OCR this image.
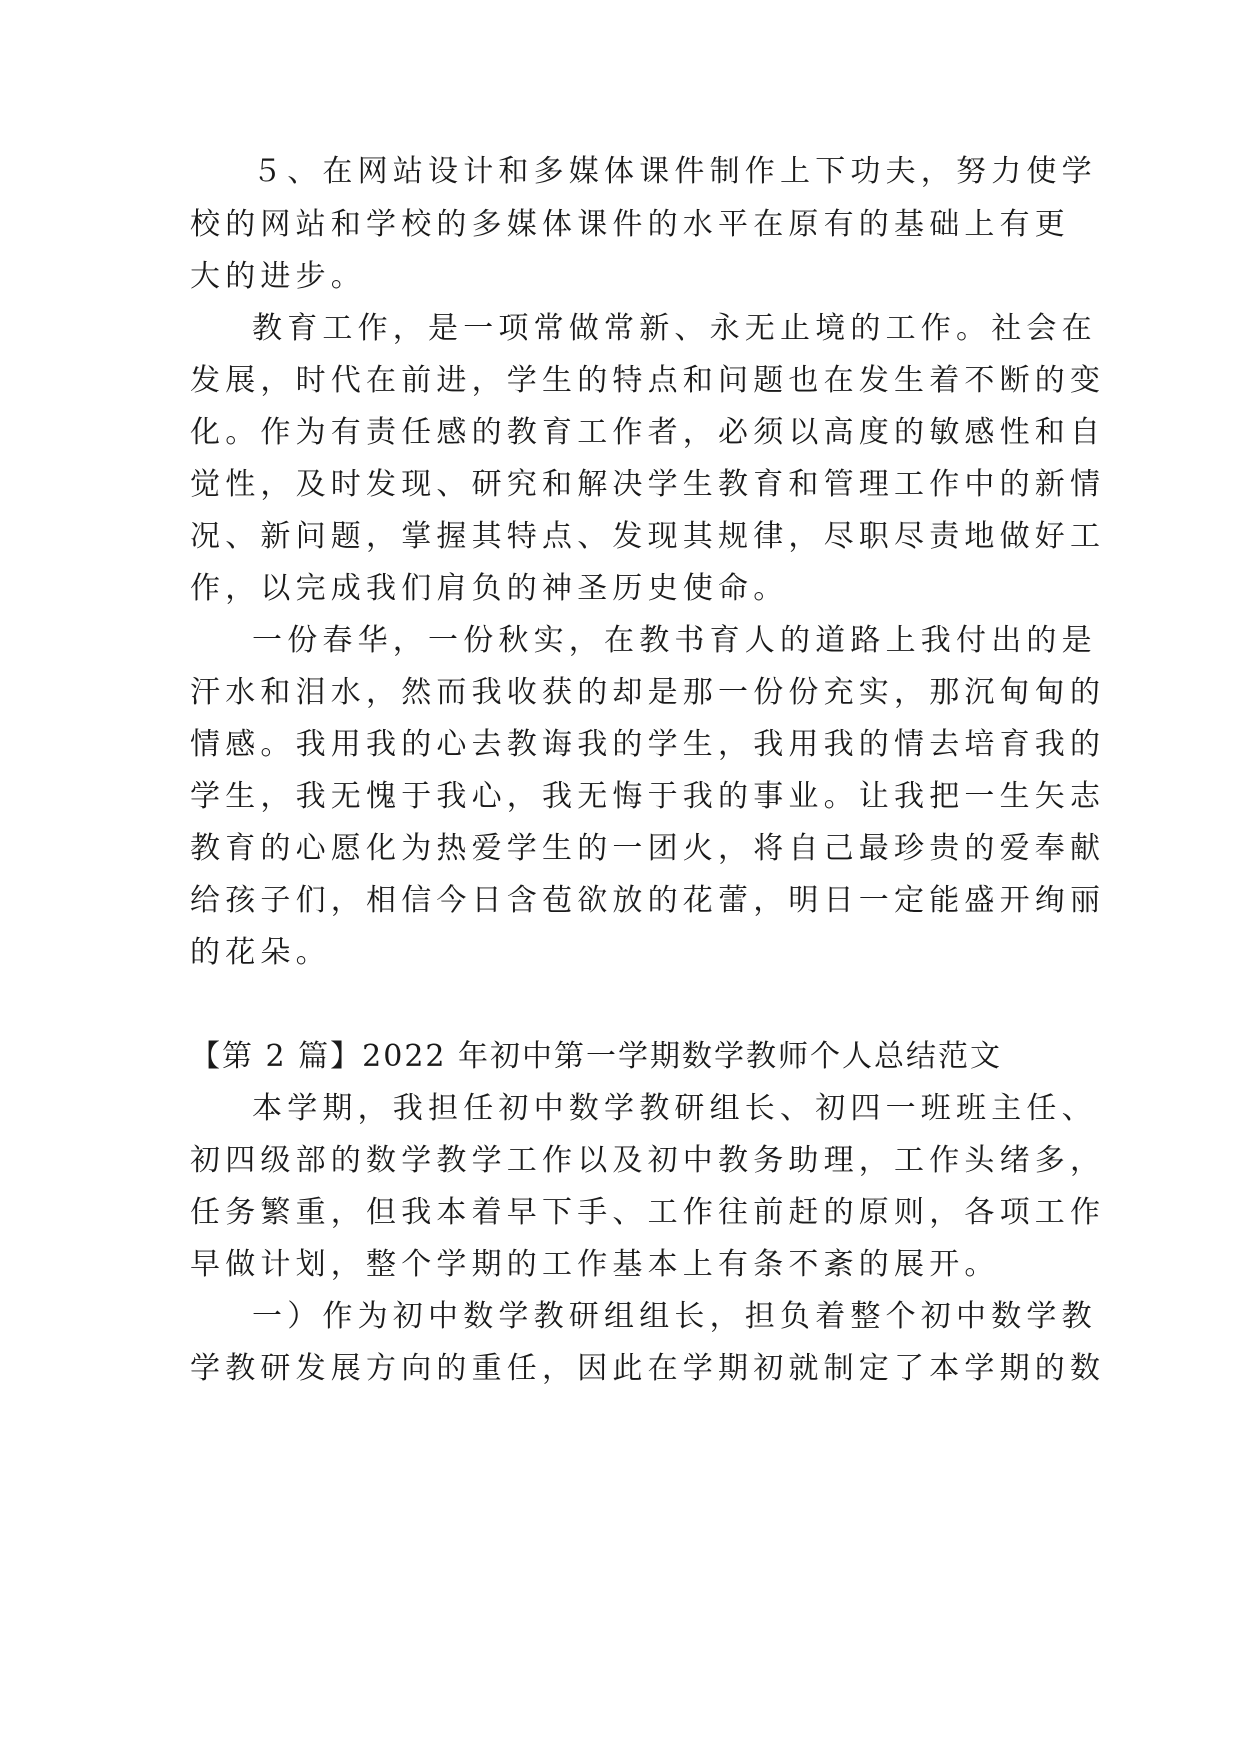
５、在网站设计和多媒体课件制作上下功夫，努力使学
校的网站和学校的多媒体课件的水平在原有的基础上有更
大的进步。
教育工作，是一项常做常新、永无止境的工作。社会在
发展，时代在前进，学生的特点和问题也在发生着不断的变
化。作为有责任感的教育工作者，必须以高度的敏感性和自
觉性，及时发现、研究和解决学生教育和管理工作中的新情
况、新问题，掌握其特点、发现其规律，尽职尽责地做好工
作，以完成我们肩负的神圣历史使命。
一份春华，一份秋实，在教书育人的道路上我付出的是
汗水和泪水，然而我收获的却是那一份份充实，那沉甸甸的
情感。我用我的心去教诲我的学生，我用我的情去培育我的
学生，我无愧于我心，我无悔于我的事业。让我把一生矢志
教育的心愿化为热爱学生的一团火，将自己最珍贵的爱奉献
给孩子们，相信今日含苞欲放的花蕾，明日一定能盛开绚丽
的花朵。
【第 2 篇】2022 年初中第一学期数学教师个人总结范文
本学期，我担任初中数学教研组长、初四一班班主任、
初四级部的数学教学工作以及初中教务助理，工作头绪多，
任务繁重，但我本着早下手、工作往前赶的原则，各项工作
早做计划，整个学期的工作基本上有条不紊的展开。
一）作为初中数学教研组组长，担负着整个初中数学教
学教研发展方向的重任，因此在学期初就制定了本学期的数
